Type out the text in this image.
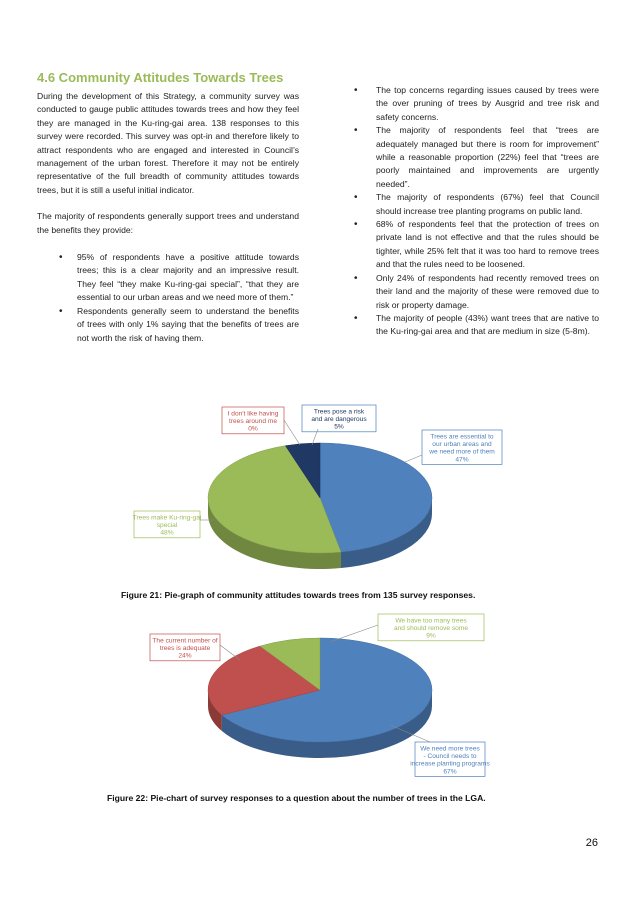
4.6 Community Attitudes Towards Trees

During the development of this Strategy, a community survey was conducted to gauge public attitudes towards trees and how they feel they are managed in the Ku-ring-gai area. 138 responses to this survey were recorded. This survey was opt-in and therefore likely to attract respondents who are engaged and interested in Council’s management of the urban forest. Therefore it may not be entirely representative of the full breadth of community attitudes towards trees, but it is still a useful initial indicator.

The majority of respondents generally support trees and understand the benefits they provide:

• 95% of respondents have a positive attitude towards trees; this is a clear majority and an impressive result. They feel “they make Ku-ring-gai special”, “that they are essential to our urban areas and we need more of them.”
• Respondents generally seem to understand the benefits of trees with only 1% saying that the benefits of trees are not worth the risk of having them.
• The top concerns regarding issues caused by trees were the over pruning of trees by Ausgrid and tree risk and safety concerns.
• The majority of respondents feel that “trees are adequately managed but there is room for improvement” while a reasonable proportion (22%) feel that “trees are poorly maintained and improvements are urgently needed”.
• The majority of respondents (67%) feel that Council should increase tree planting programs on public land.
• 68% of respondents feel that the protection of trees on private land is not effective and that the rules should be tighter, while 25% felt that it was too hard to remove trees and that the rules need to be loosened.
• Only 24% of respondents had recently removed trees on their land and the majority of these were removed due to risk or property damage.
• The majority of people (43%) want trees that are native to the Ku-ring-gai area and that are medium in size (5-8m).
Trees are essential to our urban areas and we need more of them
47%
Trees make Ku-ring-gai special
48%
I don't like having trees around me
0%
Trees pose a risk and are dangerous
5%
We need more trees - Council needs to increase planting programs
67%
The current number of trees is adequate
24%
We have too many trees and should remove some
9%
Figure 21: Pie-graph of community attitudes towards trees from 135 survey responses.
Figure 22: Pie-chart of survey responses to a question about the number of trees in the LGA.
26
